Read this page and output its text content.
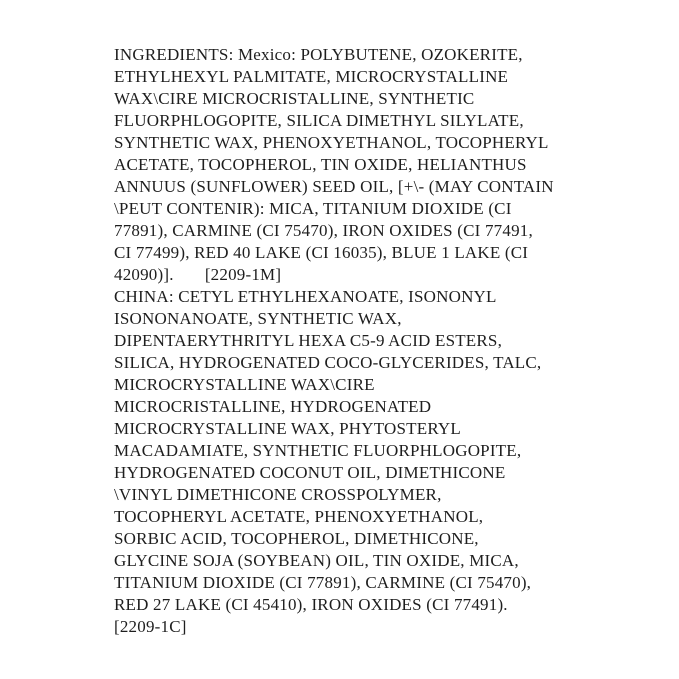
INGREDIENTS: Mexico: POLYBUTENE, OZOKERITE,
ETHYLHEXYL PALMITATE, MICROCRYSTALLINE
WAX\CIRE MICROCRISTALLINE, SYNTHETIC
FLUORPHLOGOPITE, SILICA DIMETHYL SILYLATE,
SYNTHETIC WAX, PHENOXYETHANOL, TOCOPHERYL
ACETATE, TOCOPHEROL, TIN OXIDE, HELIANTHUS
ANNUUS (SUNFLOWER) SEED OIL, [+\- (MAY CONTAIN
\PEUT CONTENIR): MICA, TITANIUM DIOXIDE (CI
77891), CARMINE (CI 75470), IRON OXIDES (CI 77491,
CI 77499), RED 40 LAKE (CI 16035), BLUE 1 LAKE (CI
42090)].       [2209-1M]
CHINA: CETYL ETHYLHEXANOATE, ISONONYL
ISONONANOATE, SYNTHETIC WAX,
DIPENTAERYTHRITYL HEXA C5-9 ACID ESTERS,
SILICA, HYDROGENATED COCO-GLYCERIDES, TALC,
MICROCRYSTALLINE WAX\CIRE
MICROCRISTALLINE, HYDROGENATED
MICROCRYSTALLINE WAX, PHYTOSTERYL
MACADAMIATE, SYNTHETIC FLUORPHLOGOPITE,
HYDROGENATED COCONUT OIL, DIMETHICONE
\VINYL DIMETHICONE CROSSPOLYMER,
TOCOPHERYL ACETATE, PHENOXYETHANOL,
SORBIC ACID, TOCOPHEROL, DIMETHICONE,
GLYCINE SOJA (SOYBEAN) OIL, TIN OXIDE, MICA,
TITANIUM DIOXIDE (CI 77891), CARMINE (CI 75470),
RED 27 LAKE (CI 45410), IRON OXIDES (CI 77491).
[2209-1C]
